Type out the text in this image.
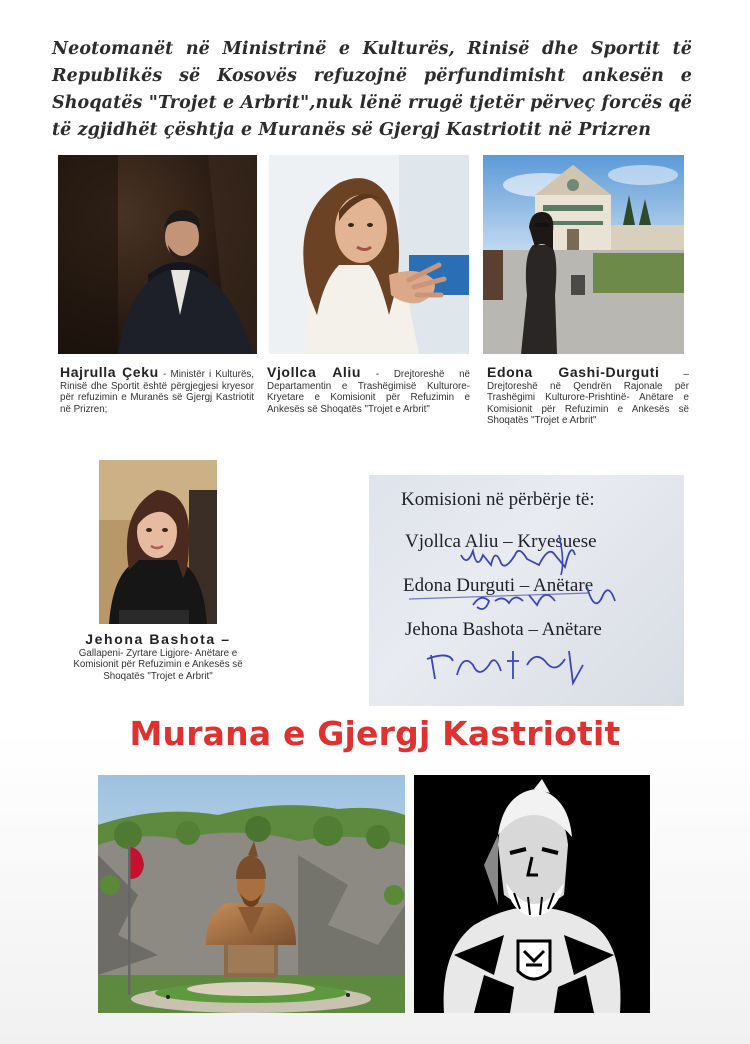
Neotomanët në Ministrinë e Kulturës, Rinisë dhe Sportit të Republikës së Kosovës refuzojnë përfundimisht ankesën e Shoqatës "Trojet e Arbrit",nuk lënë rrugë tjetër përveç forcës që të zgjidhët çështja e Muranës së Gjergj Kastriotit në Prizren
Hajrulla Çeku - Ministër i Kulturës, Rinisë dhe Sportit është përgjegjesi kryesor për refuzimin e Muranës së Gjergj Kastriotit në Prizren;
Vjollca Aliu - Drejtoreshë në Departamentin e Trashëgimisë Kulturore-Kryetare e Komisionit për Refuzimin e Ankesës së Shoqatës "Trojet e Arbrit"
Edona Gashi-Durguti – Drejtoreshë në Qendrën Rajonale për Trashëgimi Kulturore-Prishtinë- Anëtare e Komisionit për Refuzimin e Ankesës së Shoqatës "Trojet e Arbrit"
Jehona Bashota –
Gallapeni- Zyrtare Ligjore- Anëtare e Komisionit për Refuzimin e Ankesës së Shoqatës "Trojet e Arbrit"
Komisioni në përbërje të:
Vjollca Aliu – Kryesuese
Edona Durguti – Anëtare
Jehona Bashota – Anëtare
Murana e Gjergj Kastriotit
